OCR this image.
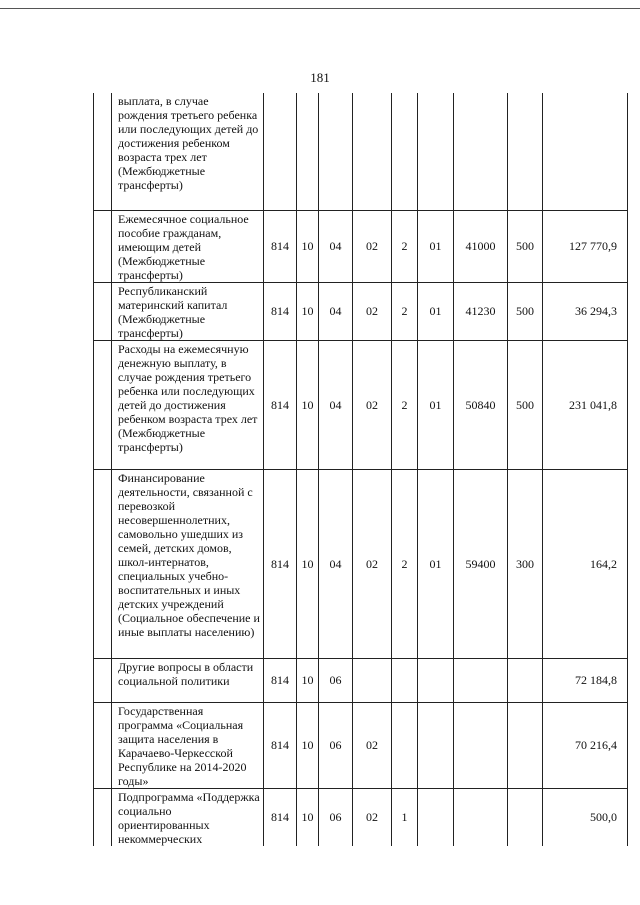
181
	выплата, в случае рождения третьего ребенка или последующих детей до достижения ребенком возраста трех лет (Межбюджетные трансферты)									
	Ежемесячное социальное пособие гражданам, имеющим детей (Межбюджетные трансферты)	814	10	04	02	2	01	41000	500	127 770,9
	Республиканский материнский капитал (Межбюджетные трансферты)	814	10	04	02	2	01	41230	500	36 294,3
	Расходы на ежемесячную денежную выплату, в случае рождения третьего ребенка или последующих детей до достижения ребенком возраста трех лет (Межбюджетные трансферты)	814	10	04	02	2	01	50840	500	231 041,8
	Финансирование деятельности, связанной с перевозкой несовершеннолетних, самовольно ушедших из семей, детских домов, школ-интернатов, специальных учебно-воспитательных и иных детских учреждений (Социальное обеспечение и иные выплаты населению)	814	10	04	02	2	01	59400	300	164,2
	Другие вопросы в области социальной политики	814	10	06						72 184,8
	Государственная программа «Социальная защита населения в Карачаево-Черкесской Республике на 2014-2020 годы»	814	10	06	02					70 216,4
	Подпрограмма «Поддержка социально ориентированных некоммерческих	814	10	06	02	1				500,0
